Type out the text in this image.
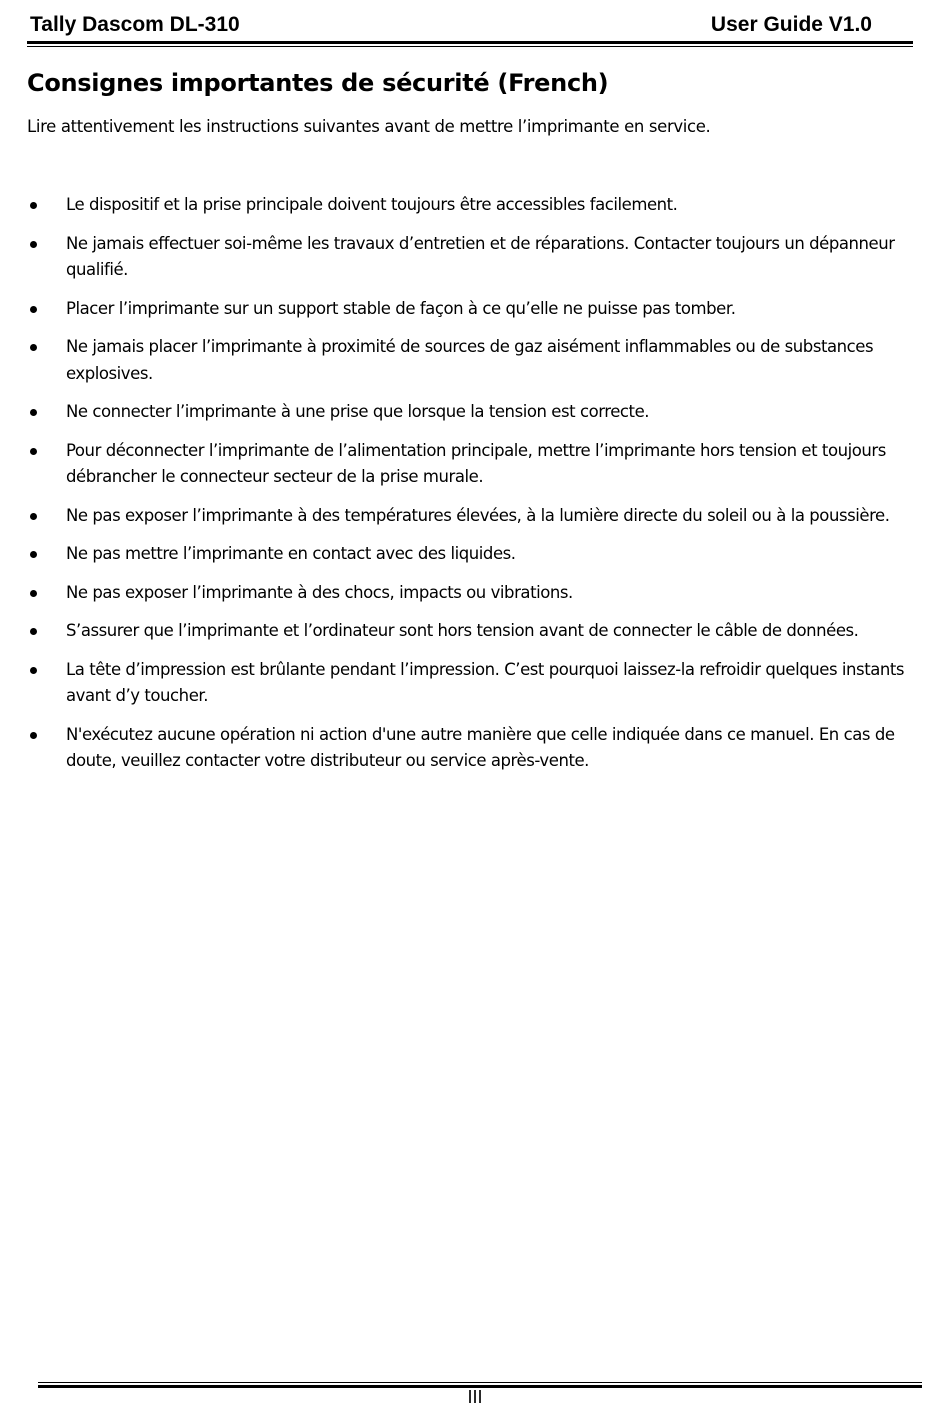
Tally Dascom DL-310	User Guide V1.0
Consignes importantes de sécurité (French)

Lire attentivement les instructions suivantes avant de mettre l’imprimante en service.

Le dispositif et la prise principale doivent toujours être accessibles facilement.
Ne jamais effectuer soi-même les travaux d’entretien et de réparations. Contacter toujours un dépanneur qualifié.
Placer l’imprimante sur un support stable de façon à ce qu’elle ne puisse pas tomber.
Ne jamais placer l’imprimante à proximité de sources de gaz aisément inflammables ou de substances explosives.
Ne connecter l’imprimante à une prise que lorsque la tension est correcte.
Pour déconnecter l’imprimante de l’alimentation principale, mettre l’imprimante hors tension et toujours débrancher le connecteur secteur de la prise murale.
Ne pas exposer l’imprimante à des températures élevées, à la lumière directe du soleil ou à la poussière.
Ne pas mettre l’imprimante en contact avec des liquides.
Ne pas exposer l’imprimante à des chocs, impacts ou vibrations.
S’assurer que l’imprimante et l’ordinateur sont hors tension avant de connecter le câble de données.
La tête d’impression est brûlante pendant l’impression. C’est pourquoi laissez-la refroidir quelques instants avant d’y toucher.
N'exécutez aucune opération ni action d'une autre manière que celle indiquée dans ce manuel. En cas de doute, veuillez contacter votre distributeur ou service après-vente.
III
